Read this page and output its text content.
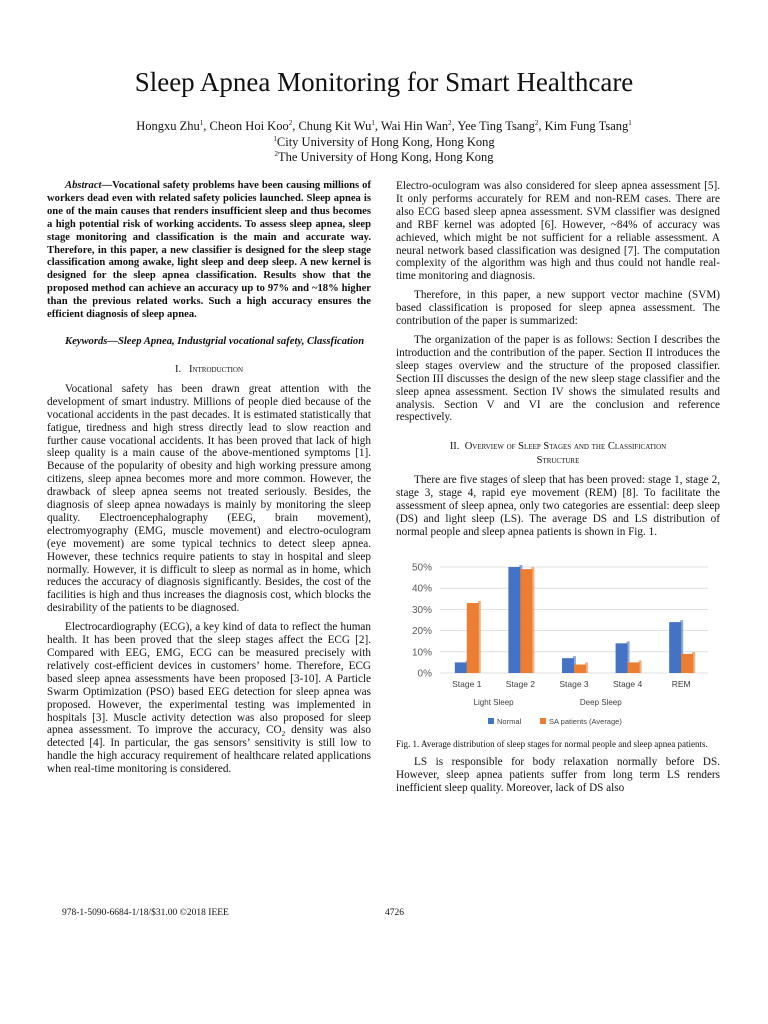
Sleep Apnea Monitoring for Smart Healthcare
Hongxu Zhu$^1$, Cheon Hoi Koo$^2$, Chung Kit Wu$^1$, Wai Hin Wan$^2$, Yee Ting Tsang$^2$, Kim Fung Tsang$^1$
$^1$City University of Hong Kong, Hong Kong
$^2$The University of Hong Kong, Hong Kong

Abstract—Vocational safety problems have been causing millions of workers dead even with related safety policies launched. Sleep apnea is one of the main causes that renders insufficient sleep and thus becomes a high potential risk of working accidents. To assess sleep apnea, sleep stage monitoring and classification is the main and accurate way. Therefore, in this paper, a new classifier is designed for the sleep stage classification among awake, light sleep and deep sleep. A new kernel is designed for the sleep apnea classification. Results show that the proposed method can achieve an accuracy up to 97% and ~18% higher than the previous related works. Such a high accuracy ensures the efficient diagnosis of sleep apnea.

Keywords—Sleep Apnea, Industgrial vocational safety, Classfication

I. Introduction

Vocational safety has been drawn great attention with the development of smart industry. Millions of people died because of the vocational accidents in the past decades. It is estimated statistically that fatigue, tiredness and high stress directly lead to slow reaction and further cause vocational accidents. It has been proved that lack of high sleep quality is a main cause of the above-mentioned symptoms [1]. Because of the popularity of obesity and high working pressure among citizens, sleep apnea becomes more and more common. However, the drawback of sleep apnea seems not treated seriously. Besides, the diagnosis of sleep apnea nowadays is mainly by monitoring the sleep quality. Electroencephalography (EEG, brain movement), electromyography (EMG, muscle movement) and electro-oculogram (eye movement) are some typical technics to detect sleep apnea. However, these technics require patients to stay in hospital and sleep normally. However, it is difficult to sleep as normal as in home, which reduces the accuracy of diagnosis significantly. Besides, the cost of the facilities is high and thus increases the diagnosis cost, which blocks the desirability of the patients to be diagnosed.

Electrocardiography (ECG), a key kind of data to reflect the human health. It has been proved that the sleep stages affect the ECG [2]. Compared with EEG, EMG, ECG can be measured precisely with relatively cost-efficient devices in customers’ home. Therefore, ECG based sleep apnea assessments have been proposed [3-10]. A Particle Swarm Optimization (PSO) based EEG detection for sleep apnea was proposed. However, the experimental testing was implemented in hospitals [3]. Muscle activity detection was also proposed for sleep apnea assessment. To improve the accuracy, $CO_2$ density was also detected [4]. In particular, the gas sensors’ sensitivity is still low to handle the high accuracy requirement of healthcare related applications when real-time monitoring is considered.

Electro-oculogram was also considered for sleep apnea assessment [5]. It only performs accurately for REM and non-REM cases. There are also ECG based sleep apnea assessment. SVM classifier was designed and RBF kernel was adopted [6]. However, ~84% of accuracy was achieved, which might be not sufficient for a reliable assessment. A neural network based classification was designed [7]. The computation complexity of the algorithm was high and thus could not handle real-time monitoring and diagnosis.

Therefore, in this paper, a new support vector machine (SVM) based classification is proposed for sleep apnea assessment. The contribution of the paper is summarized:

The organization of the paper is as follows: Section I describes the introduction and the contribution of the paper. Section II introduces the sleep stages overview and the structure of the proposed classifier. Section III discusses the design of the new sleep stage classifier and the sleep apnea assessment. Section IV shows the simulated results and analysis. Section V and VI are the conclusion and reference respectively.

II. Overview of Sleep Stages and the Classification
Structure

There are five stages of sleep that has been proved: stage 1, stage 2, stage 3, stage 4, rapid eye movement (REM) [8]. To facilitate the assessment of sleep apnea, only two categories are essential: deep sleep (DS) and light sleep (LS). The average DS and LS distribution of normal people and sleep apnea patients is shown in Fig. 1.

0%
10%
20%
30%
40%
50%
Stage 1	Stage 2	Stage 3	Stage 4	REM
Light Sleep	Deep Sleep
Normal	SA patients (Average)

Fig. 1. Average distribution of sleep stages for normal people and sleep apnea patients.

LS is responsible for body relaxation normally before DS. However, sleep apnea patients suffer from long term LS renders inefficient sleep quality. Moreover, lack of DS also

978-1-5090-6684-1/18/$31.00 ©2018 IEEE	4726
